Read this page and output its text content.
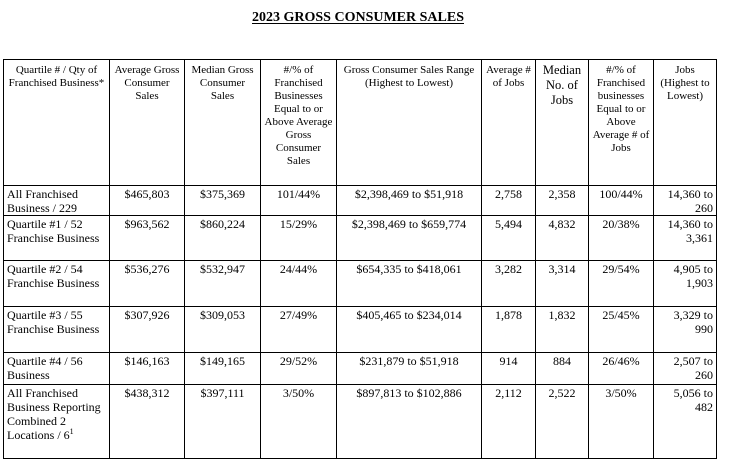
2023 GROSS CONSUMER SALES
Quartile # / Qty of Franchised Business*	Average Gross Consumer Sales	Median Gross Consumer Sales	#/% of Franchised Businesses Equal to or Above Average Gross Consumer Sales	Gross Consumer Sales Range (Highest to Lowest)	Average # of Jobs	Median No. of Jobs	#/% of Franchised businesses Equal to or Above Average # of Jobs	Jobs (Highest to Lowest)
All Franchised Business / 229	$465,803	$375,369	101/44%	$2,398,469 to $51,918	2,758	2,358	100/44%	14,360 to 260
Quartile #1 / 52 Franchise Business	$963,562	$860,224	15/29%	$2,398,469 to $659,774	5,494	4,832	20/38%	14,360 to 3,361
Quartile #2 / 54 Franchise Business	$536,276	$532,947	24/44%	$654,335 to $418,061	3,282	3,314	29/54%	4,905 to 1,903
Quartile #3 / 55 Franchise Business	$307,926	$309,053	27/49%	$405,465 to $234,014	1,878	1,832	25/45%	3,329 to 990
Quartile #4 / 56 Business	$146,163	$149,165	29/52%	$231,879 to $51,918	914	884	26/46%	2,507 to 260
All Franchised Business Reporting Combined 2 Locations / $6^1$	$438,312	$397,111	3/50%	$897,813 to $102,886	2,112	2,522	3/50%	5,056 to 482
